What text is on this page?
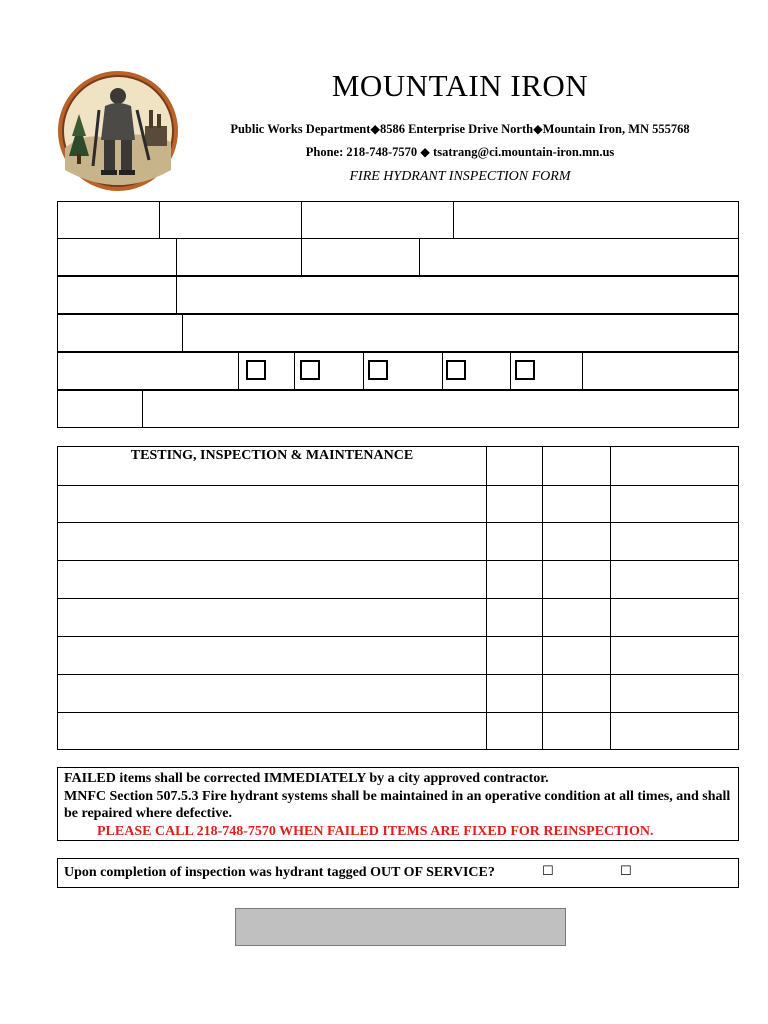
MOUNTAIN IRON
Public Works Department◆8586 Enterprise Drive North◆Mountain Iron, MN 555768
Phone: 218-748-7570 ◆ tsatrang@ci.mountain-iron.mn.us
FIRE HYDRANT INSPECTION FORM
TESTING, INSPECTION & MAINTENANCE
FAILED items shall be corrected IMMEDIATELY by a city approved contractor.
MNFC Section 507.5.3 Fire hydrant systems shall be maintained in an operative condition at all times, and shall be repaired where defective.
PLEASE CALL 218-748-7570 WHEN FAILED ITEMS ARE FIXED FOR REINSPECTION.
Upon completion of inspection was hydrant tagged OUT OF SERVICE?	☐	☐
